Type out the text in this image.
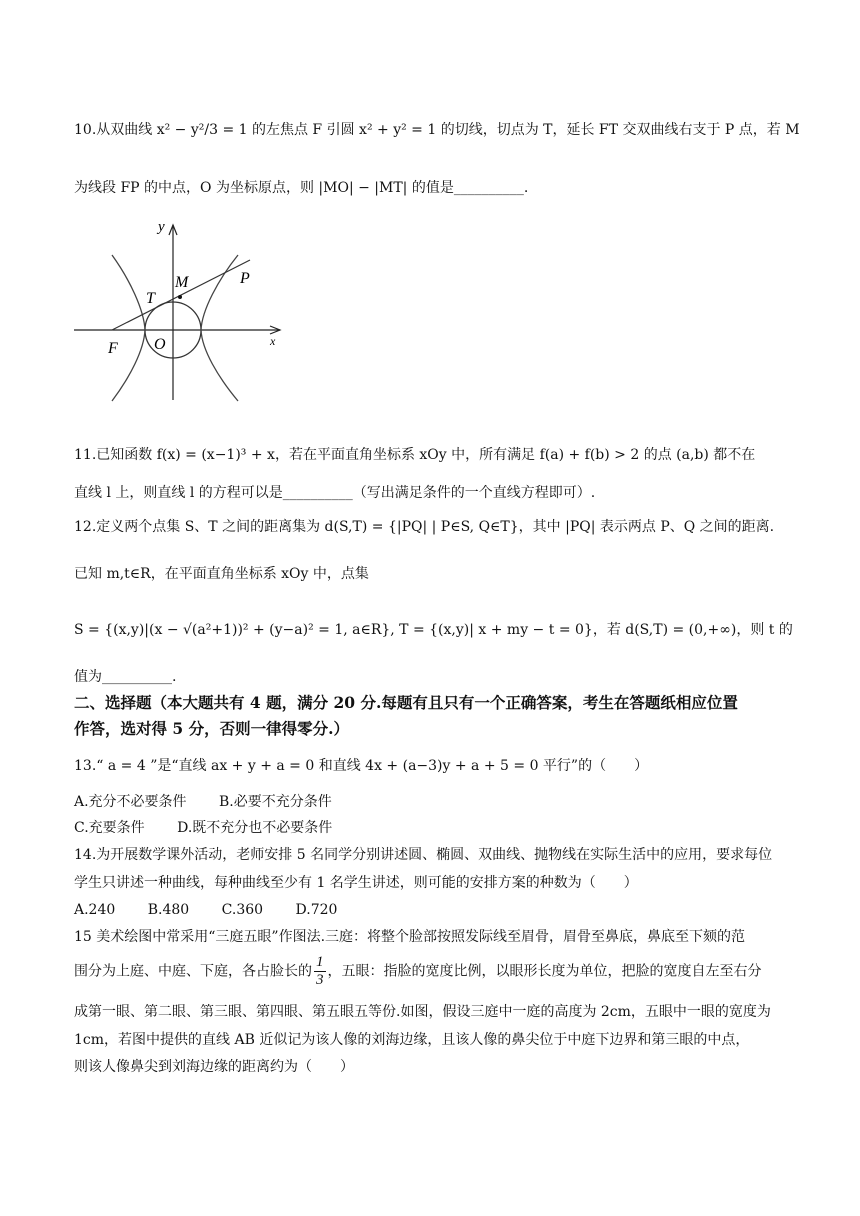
10.从双曲线 x² − y²/3 = 1 的左焦点 F 引圆 x² + y² = 1 的切线，切点为 T，延长 FT 交双曲线右支于 P 点，若 M
为线段 FP 的中点，O 为坐标原点，则 |MO| − |MT| 的值是__________.
y
x
M	P
T
F O
11.已知函数 f(x) = (x−1)³ + x，若在平面直角坐标系 xOy 中，所有满足 f(a) + f(b) > 2 的点 (a,b) 都不在
直线 l 上，则直线 l 的方程可以是__________（写出满足条件的一个直线方程即可）.
12.定义两个点集 S、T 之间的距离集为 d(S,T) = {|PQ| | P∈S, Q∈T}，其中 |PQ| 表示两点 P、Q 之间的距离.
已知 m,t∈R，在平面直角坐标系 xOy 中，点集
S = {(x,y)|(x − √(a²+1))² + (y−a)² = 1, a∈R}, T = {(x,y)| x + my − t = 0}，若 d(S,T) = (0,+∞)，则 t 的
值为__________.
二、选择题（本大题共有 4 题，满分 20 分.每题有且只有一个正确答案，考生在答题纸相应位置
作答，选对得 5 分，否则一律得零分.）
13.“ a = 4 ”是“直线 ax + y + a = 0 和直线 4x + (a−3)y + a + 5 = 0 平行”的（　　）
A.充分不必要条件 B.必要不充分条件
C.充要条件 D.既不充分也不必要条件
14.为开展数学课外活动，老师安排 5 名同学分别讲述圆、椭圆、双曲线、抛物线在实际生活中的应用，要求每位
学生只讲述一种曲线，每种曲线至少有 1 名学生讲述，则可能的安排方案的种数为（　　）
A.240 B.480 C.360 D.720
15 美术绘图中常采用“三庭五眼”作图法.三庭：将整个脸部按照发际线至眉骨，眉骨至鼻底，鼻底至下颏的范
围分为上庭、中庭、下庭，各占脸长的 $\frac{1}{3}$ ，五眼：指脸的宽度比例，以眼形长度为单位，把脸的宽度自左至右分
成第一眼、第二眼、第三眼、第四眼、第五眼五等份.如图，假设三庭中一庭的高度为 2cm，五眼中一眼的宽度为
1cm，若图中提供的直线 AB 近似记为该人像的刘海边缘，且该人像的鼻尖位于中庭下边界和第三眼的中点，
则该人像鼻尖到刘海边缘的距离约为（　　）
